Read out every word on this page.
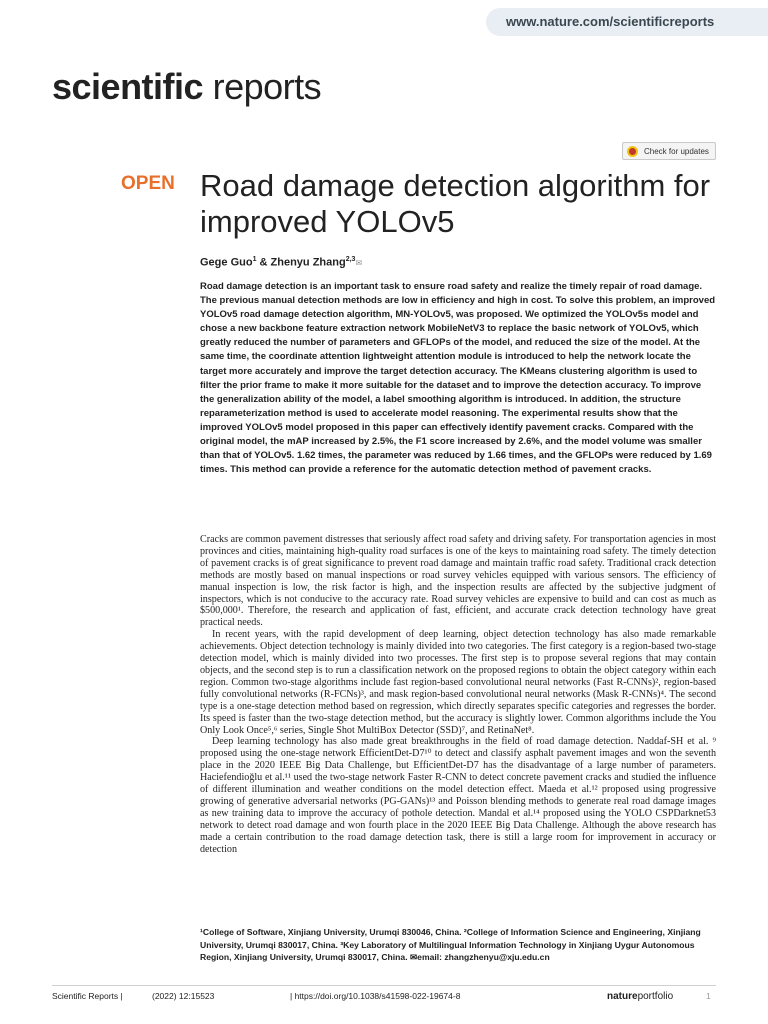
www.nature.com/scientificreports
scientific reports
Check for updates
OPEN Road damage detection algorithm for improved YOLOv5
Gege Guo$^1$ & Zhenyu Zhang$^{2,3}$✉
Road damage detection is an important task to ensure road safety and realize the timely repair of road damage. The previous manual detection methods are low in efficiency and high in cost. To solve this problem, an improved YOLOv5 road damage detection algorithm, MN-YOLOv5, was proposed. We optimized the YOLOv5s model and chose a new backbone feature extraction network MobileNetV3 to replace the basic network of YOLOv5, which greatly reduced the number of parameters and GFLOPs of the model, and reduced the size of the model. At the same time, the coordinate attention lightweight attention module is introduced to help the network locate the target more accurately and improve the target detection accuracy. The KMeans clustering algorithm is used to filter the prior frame to make it more suitable for the dataset and to improve the detection accuracy. To improve the generalization ability of the model, a label smoothing algorithm is introduced. In addition, the structure reparameterization method is used to accelerate model reasoning. The experimental results show that the improved YOLOv5 model proposed in this paper can effectively identify pavement cracks. Compared with the original model, the mAP increased by 2.5%, the F1 score increased by 2.6%, and the model volume was smaller than that of YOLOv5. 1.62 times, the parameter was reduced by 1.66 times, and the GFLOPs were reduced by 1.69 times. This method can provide a reference for the automatic detection method of pavement cracks.

Cracks are common pavement distresses that seriously affect road safety and driving safety. For transportation agencies in most provinces and cities, maintaining high-quality road surfaces is one of the keys to maintaining road safety. The timely detection of pavement cracks is of great significance to prevent road damage and maintain traffic road safety. Traditional crack detection methods are mostly based on manual inspections or road survey vehicles equipped with various sensors. The efficiency of manual inspection is low, the risk factor is high, and the inspection results are affected by the subjective judgment of inspectors, which is not conducive to the accuracy rate. Road survey vehicles are expensive to build and can cost as much as $500,000¹. Therefore, the research and application of fast, efficient, and accurate crack detection technology have great practical needs.

In recent years, with the rapid development of deep learning, object detection technology has also made remarkable achievements. Object detection technology is mainly divided into two categories. The first category is a region-based two-stage detection model, which is mainly divided into two processes. The first step is to propose several regions that may contain objects, and the second step is to run a classification network on the proposed regions to obtain the object category within each region. Common two-stage algorithms include fast region-based convolutional neural networks (Fast R-CNNs)², region-based fully convolutional networks (R-FCNs)³, and mask region-based convolutional neural networks (Mask R-CNNs)⁴. The second type is a one-stage detection method based on regression, which directly separates specific categories and regresses the border. Its speed is faster than the two-stage detection method, but the accuracy is slightly lower. Common algorithms include the You Only Look Once⁵,⁶ series, Single Shot MultiBox Detector (SSD)⁷, and RetinaNet⁸.

Deep learning technology has also made great breakthroughs in the field of road damage detection. Naddaf-SH et al. ⁹ proposed using the one-stage network EfficientDet-D7¹⁰ to detect and classify asphalt pavement images and won the seventh place in the 2020 IEEE Big Data Challenge, but EfficientDet-D7 has the disadvantage of a large number of parameters. Haciefendioğlu et al.¹¹ used the two-stage network Faster R-CNN to detect concrete pavement cracks and studied the influence of different illumination and weather conditions on the model detection effect. Maeda et al.¹² proposed using progressive growing of generative adversarial networks (PG-GANs)¹³ and Poisson blending methods to generate real road damage images as new training data to improve the accuracy of pothole detection. Mandal et al.¹⁴ proposed using the YOLO CSPDarknet53 network to detect road damage and won fourth place in the 2020 IEEE Big Data Challenge. Although the above research has made a certain contribution to the road damage detection task, there is still a large room for improvement in accuracy or detection

¹College of Software, Xinjiang University, Urumqi 830046, China. ²College of Information Science and Engineering, Xinjiang University, Urumqi 830017, China. ³Key Laboratory of Multilingual Information Technology in Xinjiang Uygur Autonomous Region, Xinjiang University, Urumqi 830017, China. ✉email: zhangzhenyu@xju.edu.cn
Scientific Reports |	(2022) 12:15523	| https://doi.org/10.1038/s41598-022-19674-8	nature portfolio	1
